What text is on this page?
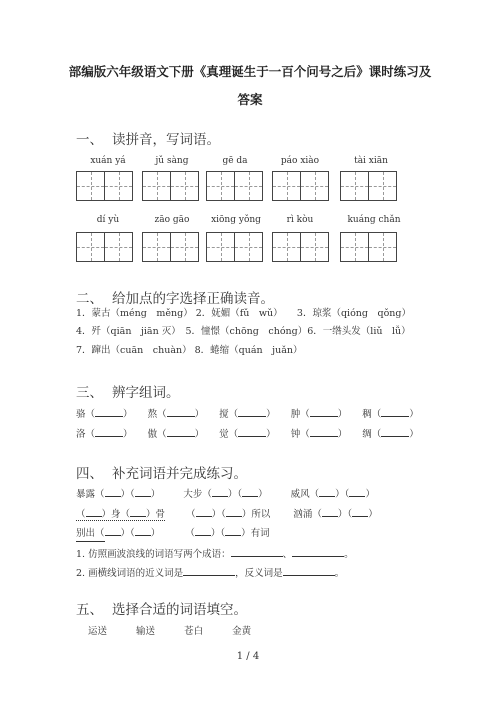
部编版六年级语文下册《真理诞生于一百个问号之后》课时练习及
答案
一、 读拼音，写词语。
xuán yá	jǔ sàng	gē da	páo xiào	tài xiān
dí yù	zāo gāo	xiōng yǒng	rì kòu	kuáng chǎn
二、 给加点的字选择正确读音。
1．蒙古（méng　měng） 2．妩媚（fǔ　wǔ）　　3．琼浆（qióng　qǒng）
4．歼（qiān　jiān 灭）　5．憧憬（chōng　chóng）6．一绺头发（liǔ　lǚ）
7．蹿出（cuān　chuàn） 8．蜷缩（quán　juǎn）
三、 辨字组词。
骆（	） 熬（	） 搅（	） 肿（	） 稠（	）
洛（	） 傲（	） 觉（	） 钟（	） 绸（	）
四、 补充词语并完成练习。
暴露（ ）（ ） 大步（ ）（ ） 威风（ ）（ ）
（ ）身（ ）骨 （ ）（ ）所以 汹涌（ ）（ ）
别出（ ）（ ）	（ ）（ ）有词
1. 仿照画波浪线的词语写两个成语：	、	。
2. 画横线词语的近义词是	，反义词是	。
五、 选择合适的词语填空。
运送	输送	苍白	金黄
1 / 4
